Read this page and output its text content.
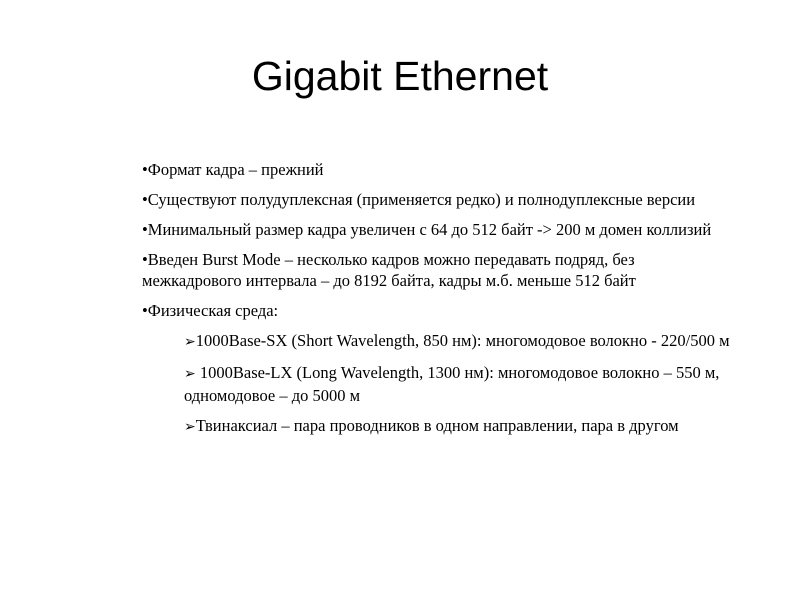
Gigabit Ethernet
•Формат кадра – прежний
•Существуют полудуплексная (применяется редко) и полнодуплексные версии
•Минимальный размер кадра увеличен с 64 до 512 байт -> 200 м домен коллизий
•Введен Burst Mode – несколько кадров можно передавать подряд, без межкадрового интервала – до 8192 байта, кадры м.б. меньше 512 байт
•Физическая среда:
➢1000Base-SX (Short Wavelength, 850 нм): многомодовое волокно - 220/500 м
➢ 1000Base-LX (Long Wavelength, 1300 нм): многомодовое волокно – 550 м, одномодовое – до 5000 м
➢Твинаксиал – пара проводников в одном направлении, пара в другом
